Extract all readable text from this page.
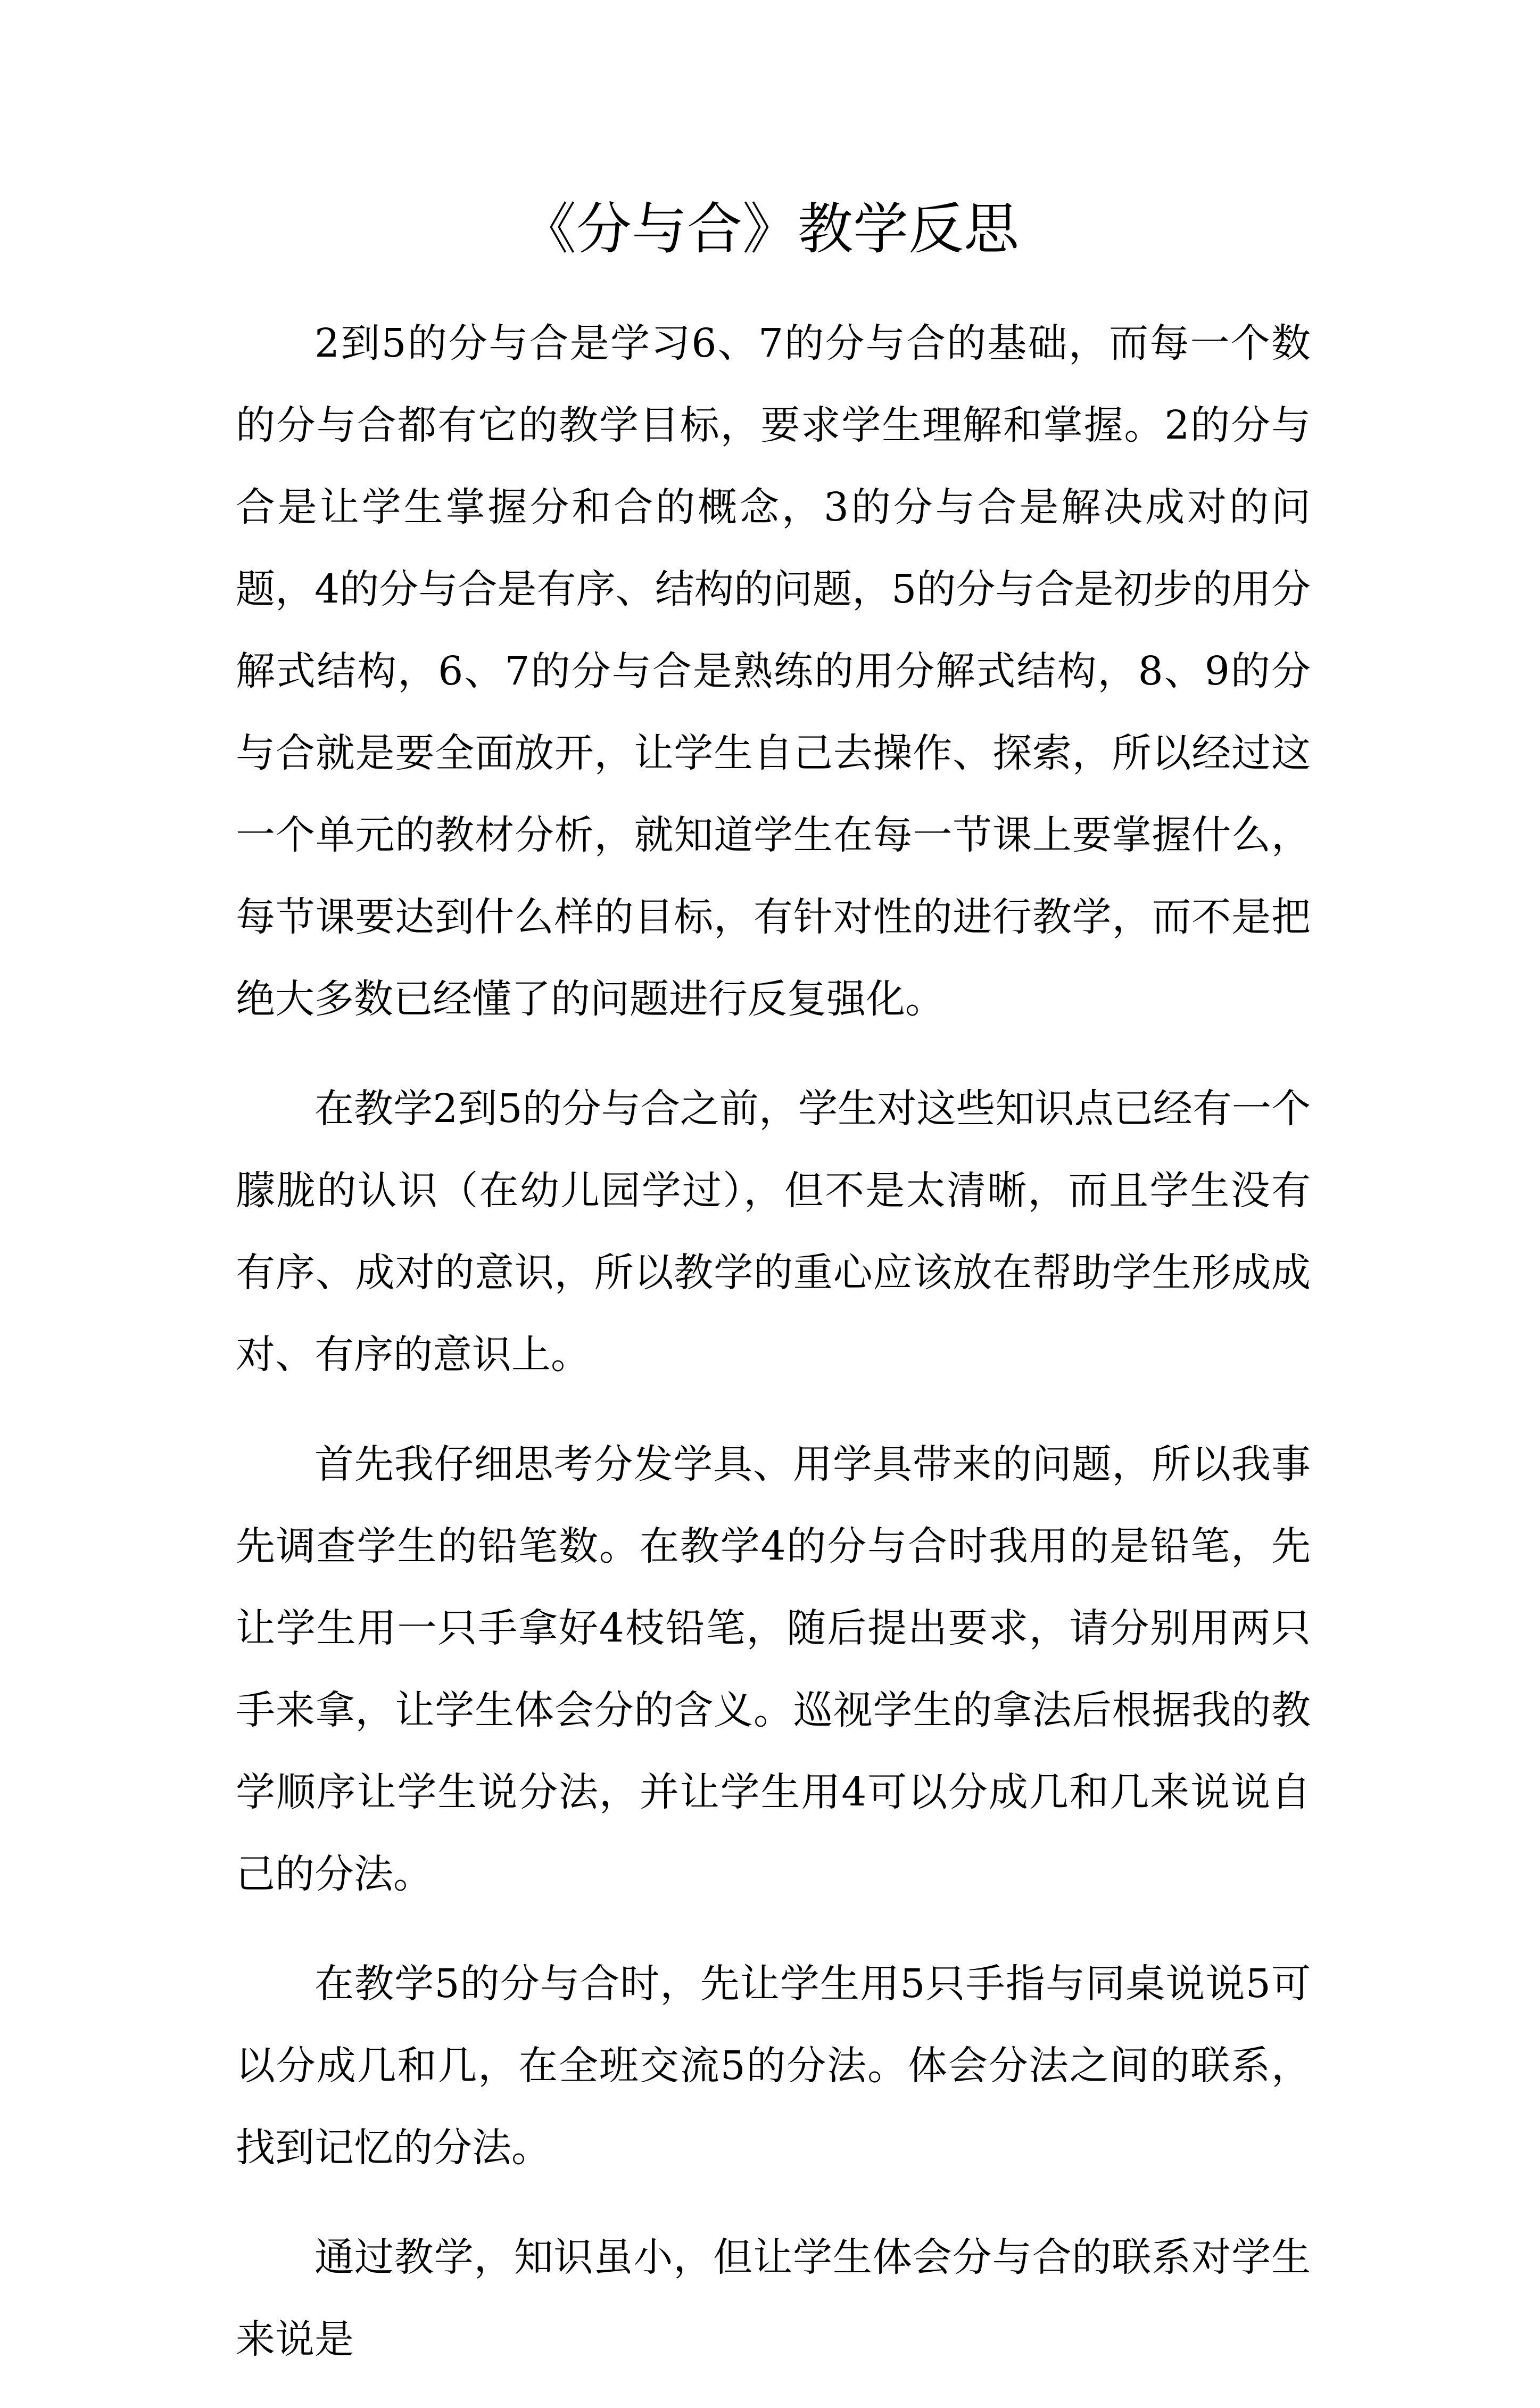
《分与合》教学反思

2到5的分与合是学习6、7的分与合的基础，而每一个数的分与合都有它的教学目标，要求学生理解和掌握。2的分与合是让学生掌握分和合的概念，3的分与合是解决成对的问题，4的分与合是有序、结构的问题，5的分与合是初步的用分解式结构，6、7的分与合是熟练的用分解式结构，8、9的分与合就是要全面放开，让学生自己去操作、探索，所以经过这一个单元的教材分析，就知道学生在每一节课上要掌握什么，每节课要达到什么样的目标，有针对性的进行教学，而不是把绝大多数已经懂了的问题进行反复强化。

在教学2到5的分与合之前，学生对这些知识点已经有一个朦胧的认识（在幼儿园学过），但不是太清晰，而且学生没有有序、成对的意识，所以教学的重心应该放在帮助学生形成成对、有序的意识上。

首先我仔细思考分发学具、用学具带来的问题，所以我事先调查学生的铅笔数。在教学4的分与合时我用的是铅笔，先让学生用一只手拿好4枝铅笔，随后提出要求，请分别用两只手来拿，让学生体会分的含义。巡视学生的拿法后根据我的教学顺序让学生说分法，并让学生用4可以分成几和几来说说自己的分法。

在教学5的分与合时，先让学生用5只手指与同桌说说5可以分成几和几，在全班交流5的分法。体会分法之间的联系，找到记忆的分法。

通过教学，知识虽小，但让学生体会分与合的联系对学生来说是
